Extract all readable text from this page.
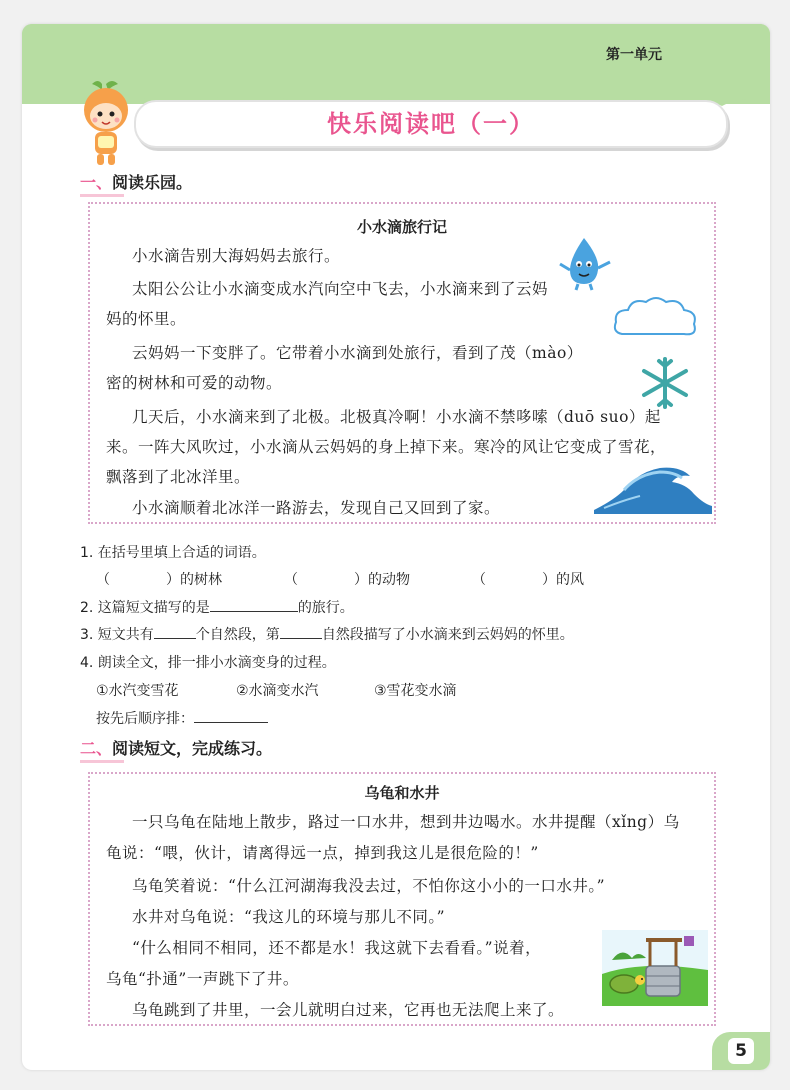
第一单元
快乐阅读吧（一）
一、阅读乐园。
小水滴旅行记
小水滴告别大海妈妈去旅行。
太阳公公让小水滴变成水汽向空中飞去，小水滴来到了云妈
妈的怀里。
云妈妈一下变胖了。它带着小水滴到处旅行，看到了茂（mào）
密的树林和可爱的动物。
几天后，小水滴来到了北极。北极真冷啊！小水滴不禁哆嗦（duō suo）起
来。一阵大风吹过，小水滴从云妈妈的身上掉下来。寒冷的风让它变成了雪花，
飘落到了北冰洋里。
小水滴顺着北冰洋一路游去，发现自己又回到了家。
1. 在括号里填上合适的词语。
（　　　　）的树林	（　　　　）的动物	（　　　　）的风
2. 这篇短文描写的是	的旅行。
3. 短文共有	个自然段，第	自然段描写了小水滴来到云妈妈的怀里。
4. 朗读全文，排一排小水滴变身的过程。
①水汽变雪花	②水滴变水汽	③雪花变水滴
按先后顺序排：
二、阅读短文，完成练习。
乌龟和水井
一只乌龟在陆地上散步，路过一口水井，想到井边喝水。水井提醒（xǐng）乌
龟说：“喂，伙计，请离得远一点，掉到我这儿是很危险的！”
乌龟笑着说：“什么江河湖海我没去过，不怕你这小小的一口水井。”
水井对乌龟说：“我这儿的环境与那儿不同。”
“什么相同不相同，还不都是水！我这就下去看看。”说着，
乌龟“扑通”一声跳下了井。
乌龟跳到了井里，一会儿就明白过来，它再也无法爬上来了。
5
